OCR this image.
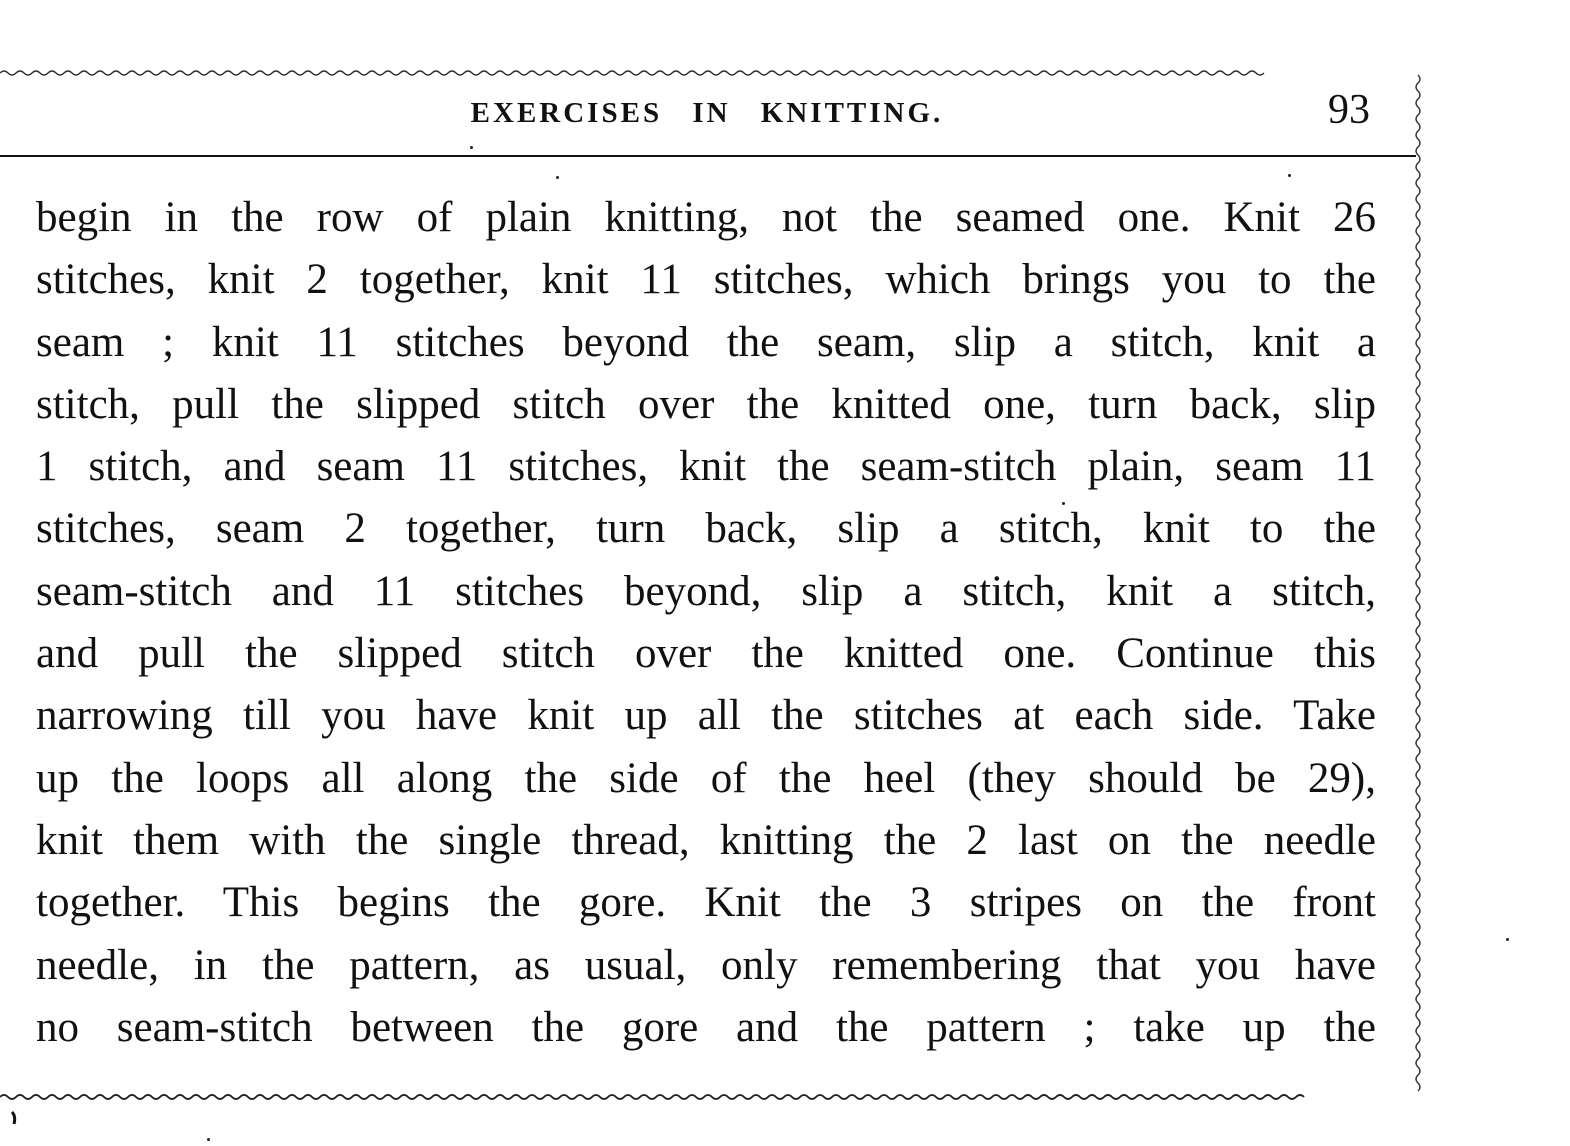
EXERCISES IN KNITTING.	93
begin in the row of plain knitting, not the seamed one. Knit 26
stitches, knit 2 together, knit 11 stitches, which brings you to the
seam ; knit 11 stitches beyond the seam, slip a stitch, knit a
stitch, pull the slipped stitch over the knitted one, turn back, slip
1 stitch, and seam 11 stitches, knit the seam-stitch plain, seam 11
stitches, seam 2 together, turn back, slip a stitch, knit to the
seam-stitch and 11 stitches beyond, slip a stitch, knit a stitch,
and pull the slipped stitch over the knitted one. Continue this
narrowing till you have knit up all the stitches at each side. Take
up the loops all along the side of the heel (they should be 29),
knit them with the single thread, knitting the 2 last on the needle
together. This begins the gore. Knit the 3 stripes on the front
needle, in the pattern, as usual, only remembering that you have
no seam-stitch between the gore and the pattern ; take up the
